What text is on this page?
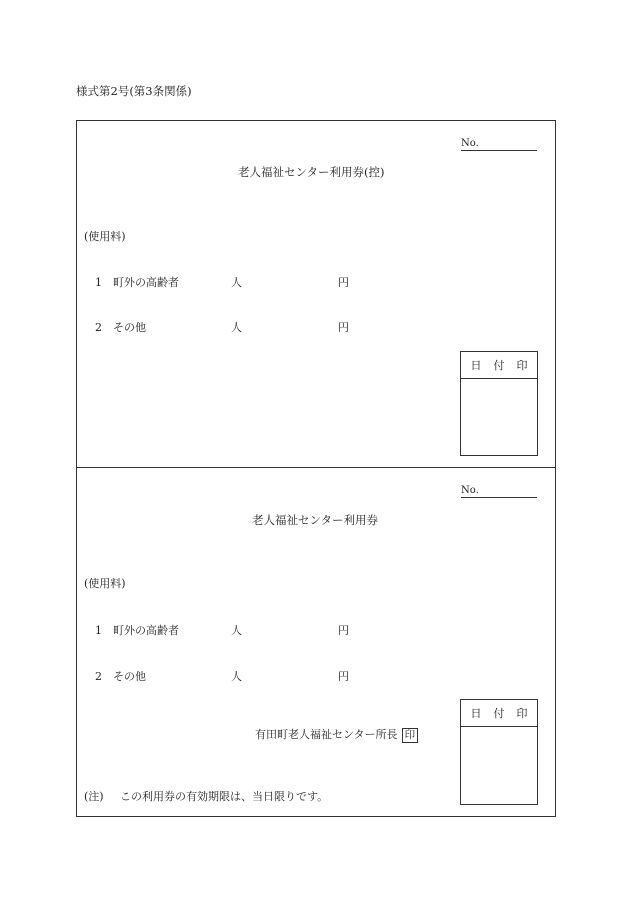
様式第2号(第3条関係)
No.
老人福祉センター利用券(控)
(使用料)
1 町外の高齢者	人	円
2 その他	人	円
日	付	印
No.
老人福祉センター利用券
(使用料)
1 町外の高齢者	人	円
2 その他	人	円
有田町老人福祉センター所長 印
(注) この利用券の有効期限は、当日限りです。
日	付	印
